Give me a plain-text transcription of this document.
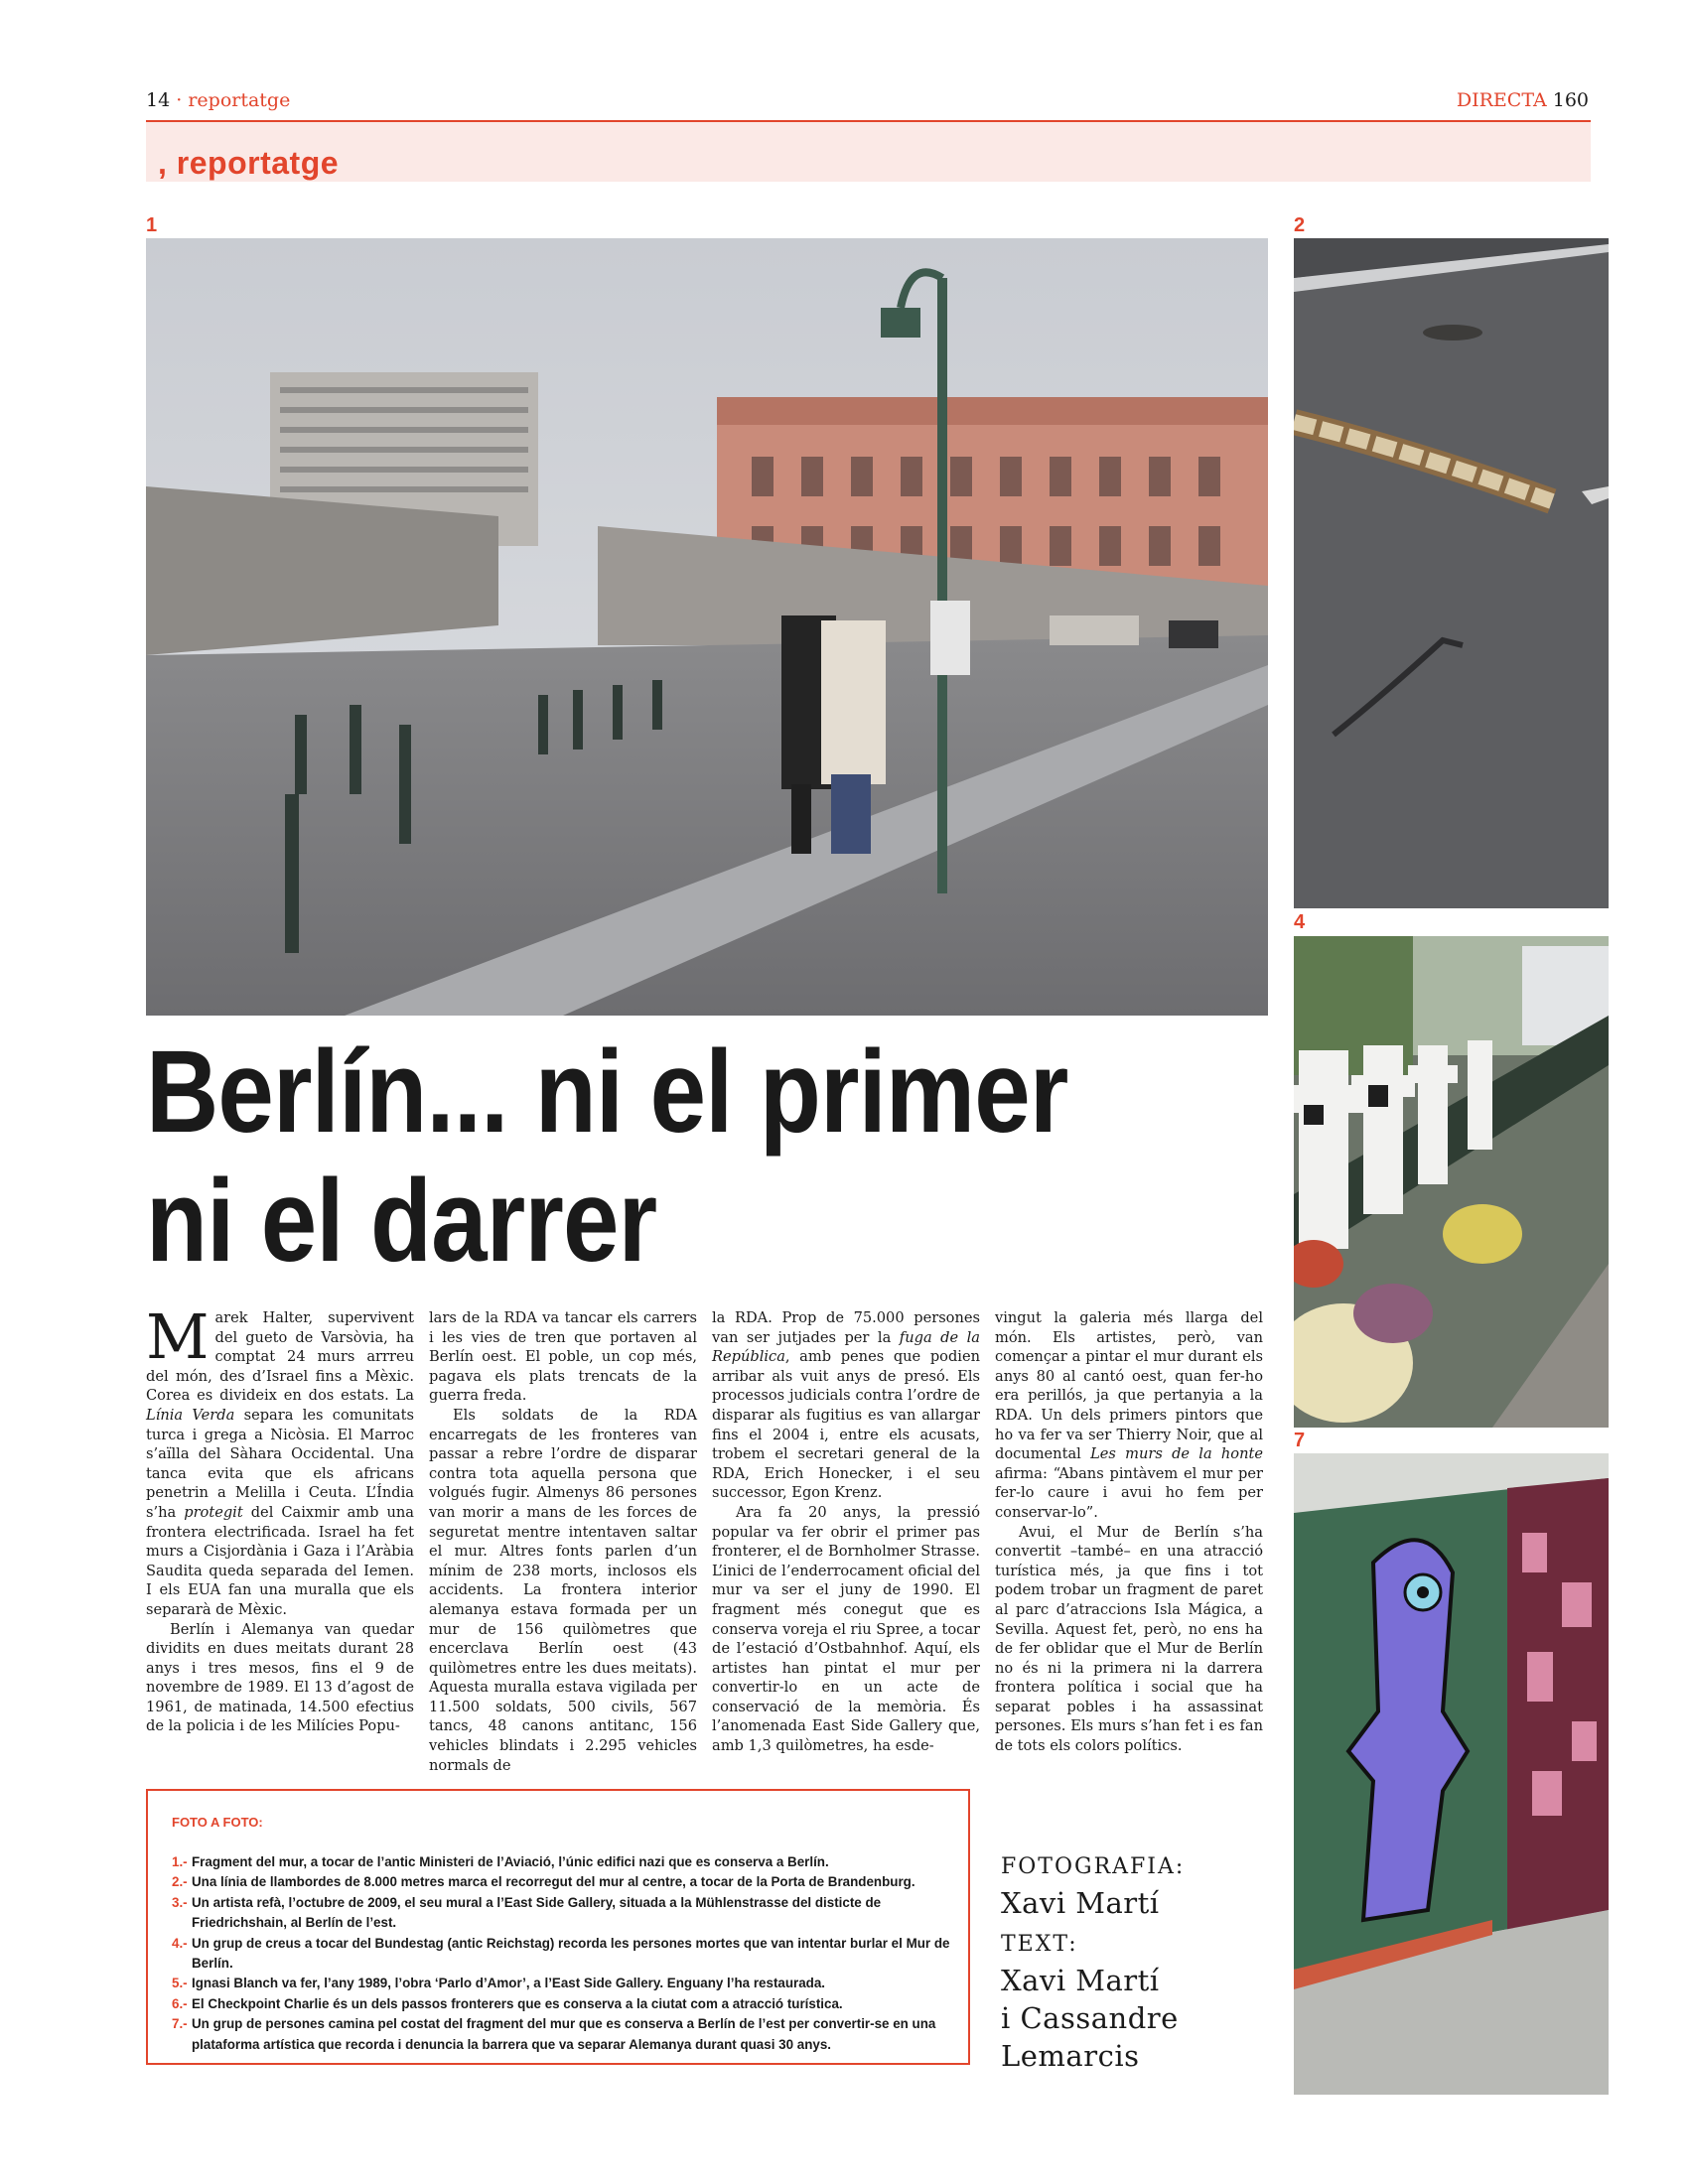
14 · reportatge	DIRECTA 160
, reportatge
1	2
4
7
Berlín... ni el primer
ni el darrer

Marek Halter, supervivent del gueto de Varsòvia, ha comptat 24 murs arrreu del món, des d’Israel fins a Mèxic. Corea es divideix en dos estats. La Línia Verda separa les comunitats turca i grega a Nicòsia. El Marroc s’aïlla del Sàhara Occidental. Una tanca evita que els africans penetrin a Melilla i Ceuta. L’Índia s’ha protegit del Caixmir amb una frontera electrificada. Israel ha fet murs a Cisjordània i Gaza i l’Aràbia Saudita queda separada del Iemen. I els EUA fan una muralla que els separarà de Mèxic.

Berlín i Alemanya van quedar dividits en dues meitats durant 28 anys i tres mesos, fins el 9 de novembre de 1989. El 13 d’agost de 1961, de matinada, 14.500 efectius de la policia i de les Milícies Popu-

lars de la RDA va tancar els carrers i les vies de tren que portaven al Berlín oest. El poble, un cop més, pagava els plats trencats de la guerra freda.

Els soldats de la RDA encarregats de les fronteres van passar a rebre l’ordre de disparar contra tota aquella persona que volgués fugir. Almenys 86 persones van morir a mans de les forces de seguretat mentre intentaven saltar el mur. Altres fonts parlen d’un mínim de 238 morts, inclosos els accidents. La frontera interior alemanya estava formada per un mur de 156 quilòmetres que encerclava Berlín oest (43 quilòmetres entre les dues meitats). Aquesta muralla estava vigilada per 11.500 soldats, 500 civils, 567 tancs, 48 canons antitanc, 156 vehicles blindats i 2.295 vehicles normals de

la RDA. Prop de 75.000 persones van ser jutjades per la fuga de la República, amb penes que podien arribar als vuit anys de presó. Els processos judicials contra l’ordre de disparar als fugitius es van allargar fins el 2004 i, entre els acusats, trobem el secretari general de la RDA, Erich Honecker, i el seu successor, Egon Krenz.

Ara fa 20 anys, la pressió popular va fer obrir el primer pas fronterer, el de Bornholmer Strasse. L’inici de l’enderrocament oficial del mur va ser el juny de 1990. El fragment més conegut que es conserva voreja el riu Spree, a tocar de l’estació d’Ostbahnhof. Aquí, els artistes han pintat el mur per convertir-lo en un acte de conservació de la memòria. És l’anomenada East Side Gallery que, amb 1,3 quilòmetres, ha esde-

vingut la galeria més llarga del món. Els artistes, però, van començar a pintar el mur durant els anys 80 al cantó oest, quan fer-ho era perillós, ja que pertanyia a la RDA. Un dels primers pintors que ho va fer va ser Thierry Noir, que al documental Les murs de la honte afirma: “Abans pintàvem el mur per fer-lo caure i avui ho fem per conservar-lo”.

Avui, el Mur de Berlín s’ha convertit –també– en una atracció turística més, ja que fins i tot podem trobar un fragment de paret al parc d’atraccions Isla Mágica, a Sevilla. Aquest fet, però, no ens ha de fer oblidar que el Mur de Berlín no és ni la primera ni la darrera frontera política i social que ha separat pobles i ha assassinat persones. Els murs s’han fet i es fan de tots els colors polítics.

FOTO A FOTO:
1.- Fragment del mur, a tocar de l’antic Ministeri de l’Aviació, l’únic edifici nazi que es conserva a Berlín.
2.- Una línia de llambordes de 8.000 metres marca el recorregut del mur al centre, a tocar de la Porta de Brandenburg.
3.- Un artista refà, l’octubre de 2009, el seu mural a l’East Side Gallery, situada a la Mühlenstrasse del disticte de Friedrichshain, al Berlín de l’est.
4.- Un grup de creus a tocar del Bundestag (antic Reichstag) recorda les persones mortes que van intentar burlar el Mur de Berlín.
5.- Ignasi Blanch va fer, l’any 1989, l’obra ‘Parlo d’Amor’, a l’East Side Gallery. Enguany l’ha restaurada.
6.- El Checkpoint Charlie és un dels passos fronterers que es conserva a la ciutat com a atracció turística.
7.- Un grup de persones camina pel costat del fragment del mur que es conserva a Berlín de l’est per convertir-se en una plataforma artística que recorda i denuncia la barrera que va separar Alemanya durant quasi 30 anys.
FOTOGRAFIA:
Xavi Martí
TEXT:
Xavi Martí
i Cassandre
Lemarcis
